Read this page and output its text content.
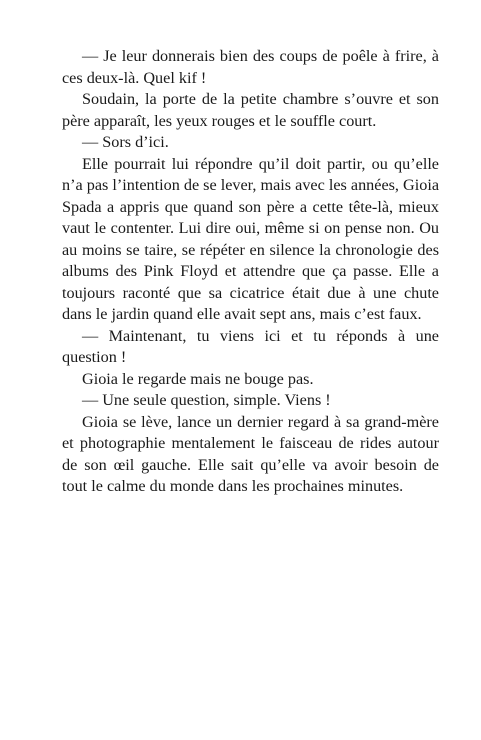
— Je leur donnerais bien des coups de poêle à frire, à ces deux-là. Quel kif !

Soudain, la porte de la petite chambre s’ouvre et son père apparaît, les yeux rouges et le souffle court.

— Sors d’ici.

Elle pourrait lui répondre qu’il doit partir, ou qu’elle n’a pas l’intention de se lever, mais avec les années, Gioia Spada a appris que quand son père a cette tête-là, mieux vaut le contenter. Lui dire oui, même si on pense non. Ou au moins se taire, se répéter en silence la chronologie des albums des Pink Floyd et attendre que ça passe. Elle a toujours raconté que sa cicatrice était due à une chute dans le jardin quand elle avait sept ans, mais c’est faux.

— Maintenant, tu viens ici et tu réponds à une question !

Gioia le regarde mais ne bouge pas.

— Une seule question, simple. Viens !

Gioia se lève, lance un dernier regard à sa grand-mère et photographie mentalement le faisceau de rides autour de son œil gauche. Elle sait qu’elle va avoir besoin de tout le calme du monde dans les prochaines minutes.
